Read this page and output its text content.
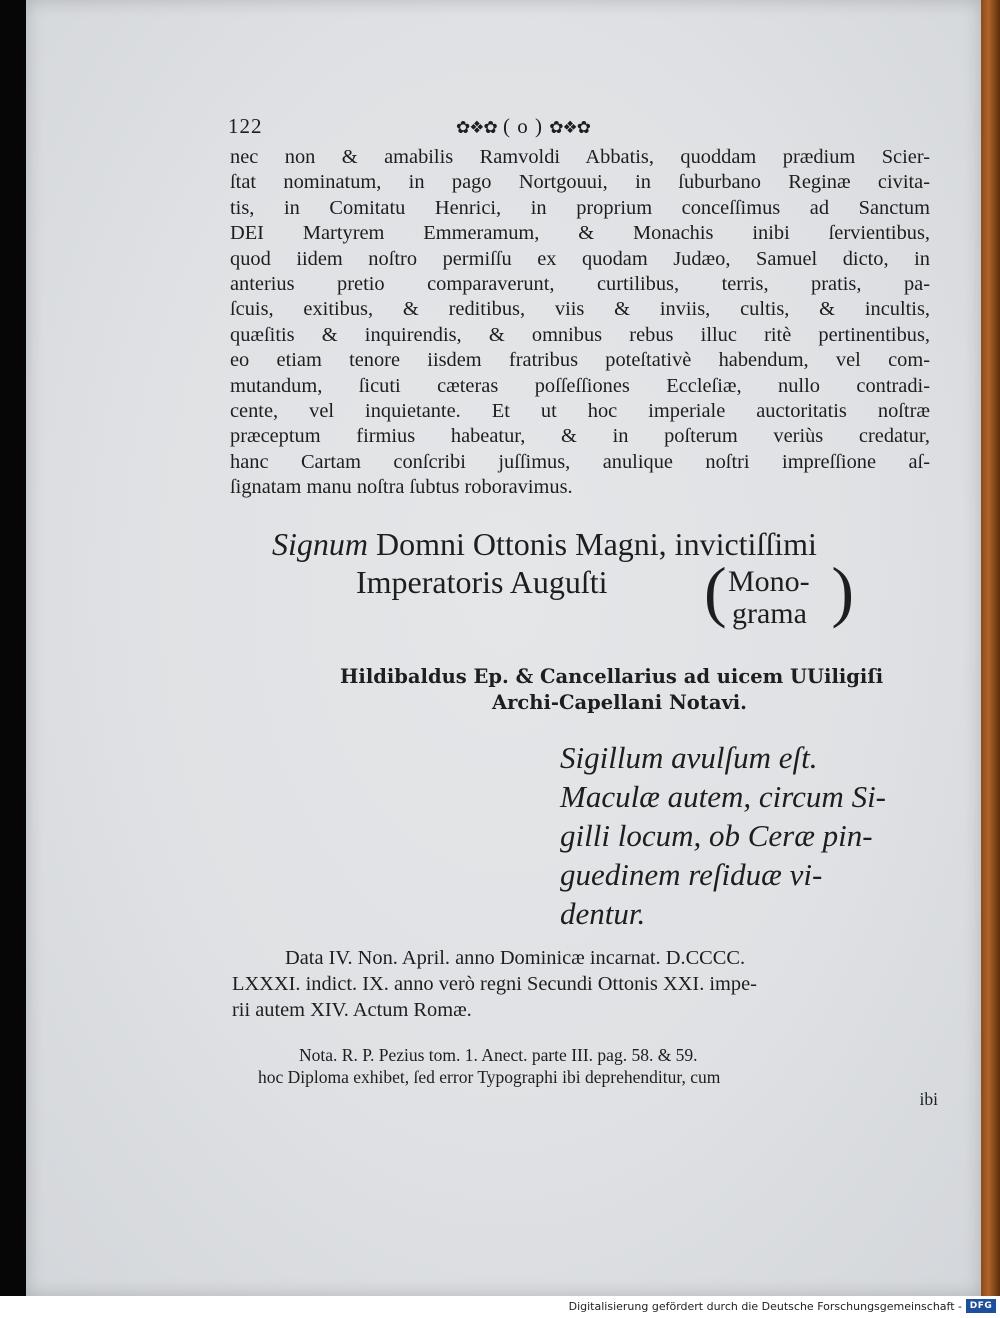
122	✿❖✿ ( o ) ✿❖✿
nec non & amabilis Ramvoldi Abbatis, quoddam prædium Scier-
ſtat nominatum, in pago Nortgouui, in ſuburbano Reginæ civita-
tis, in Comitatu Henrici, in proprium conceſſimus ad Sanctum
DEI Martyrem Emmeramum, & Monachis inibi ſervientibus,
quod iidem noſtro permiſſu ex quodam Judæo, Samuel dicto, in
anterius pretio comparaverunt, curtilibus, terris, pratis, pa-
ſcuis, exitibus, & reditibus, viis & inviis, cultis, & incultis,
quæſitis & inquirendis, & omnibus rebus illuc ritè pertinentibus,
eo etiam tenore iisdem fratribus poteſtativè habendum, vel com-
mutandum, ſicuti cæteras poſſeſſiones Eccleſiæ, nullo contradi-
cente, vel inquietante. Et ut hoc imperiale auctoritatis noſtræ
præceptum firmius habeatur, & in poſterum veriùs credatur,
hanc Cartam conſcribi juſſimus, anulique noſtri impreſſione aſ-
ſignatam manu noſtra ſubtus roboravimus.
Signum Domni Ottonis Magni, invictiſſimi
Imperatoris Auguſti ( Mono-
grama )
Hildibaldus Ep. & Cancellarius ad uicem UUiligiſi
Archi-Capellani Notavi.
Sigillum avulſum eſt.
Maculæ autem, circum Si-
gilli locum, ob Ceræ pin-
guedinem reſiduæ vi-
dentur.
Data IV. Non. April. anno Dominicæ incarnat. D.CCCC.
LXXXI. indict. IX. anno verò regni Secundi Ottonis XXI. impe-
rii autem XIV. Actum Romæ.
Nota. R. P. Pezius tom. 1. Anect. parte III. pag. 58. & 59.
hoc Diploma exhibet, ſed error Typographi ibi deprehenditur, cum
ibi
Digitalisierung gefördert durch die Deutsche Forschungsgemeinschaft - DFG
